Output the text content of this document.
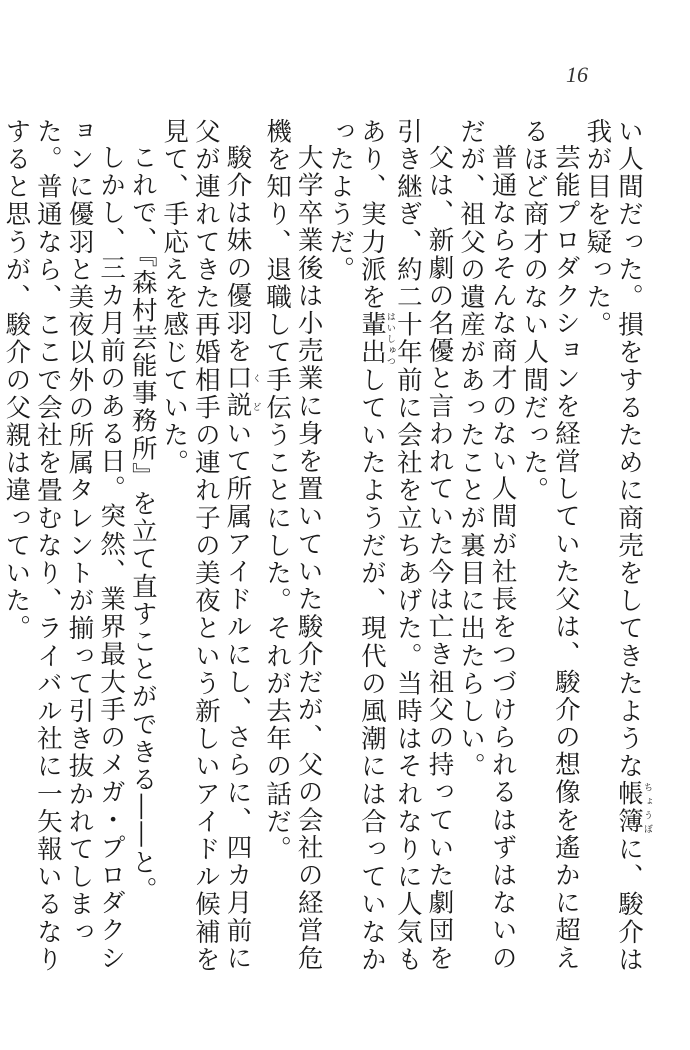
16

い人間だった。損をするために商売をしてきたような帳簿ちょうぼに、駿介は我が目を疑った。

芸能プロダクションを経営していた父は、駿介の想像を遙かに超えるほど商才のない人間だった。

普通ならそんな商才のない人間が社長をつづけられるはずはないのだが、祖父の遺産があったことが裏目に出たらしい。

父は、新劇の名優と言われていた今は亡き祖父の持っていた劇団を引き継ぎ、約二十年前に会社を立ちあげた。当時はそれなりに人気もあり、実力派を輩出はいしゅつしていたようだが、現代の風潮には合っていなかったようだ。

大学卒業後は小売業に身を置いていた駿介だが、父の会社の経営危機を知り、退職して手伝うことにした。それが去年の話だ。

駿介は妹の優羽を口説くどいて所属アイドルにし、さらに、四カ月前に父が連れてきた再婚相手の連れ子の美夜という新しいアイドル候補を見て、手応えを感じていた。

これで、『森村芸能事務所』を立て直すことができる――と。

しかし、三カ月前のある日。突然、業界最大手のメガ・プロダクションに優羽と美夜以外の所属タレントが揃って引き抜かれてしまった。普通なら、ここで会社を畳むなり、ライバル社に一矢報いるなりすると思うが、駿介の父親は違っていた。
